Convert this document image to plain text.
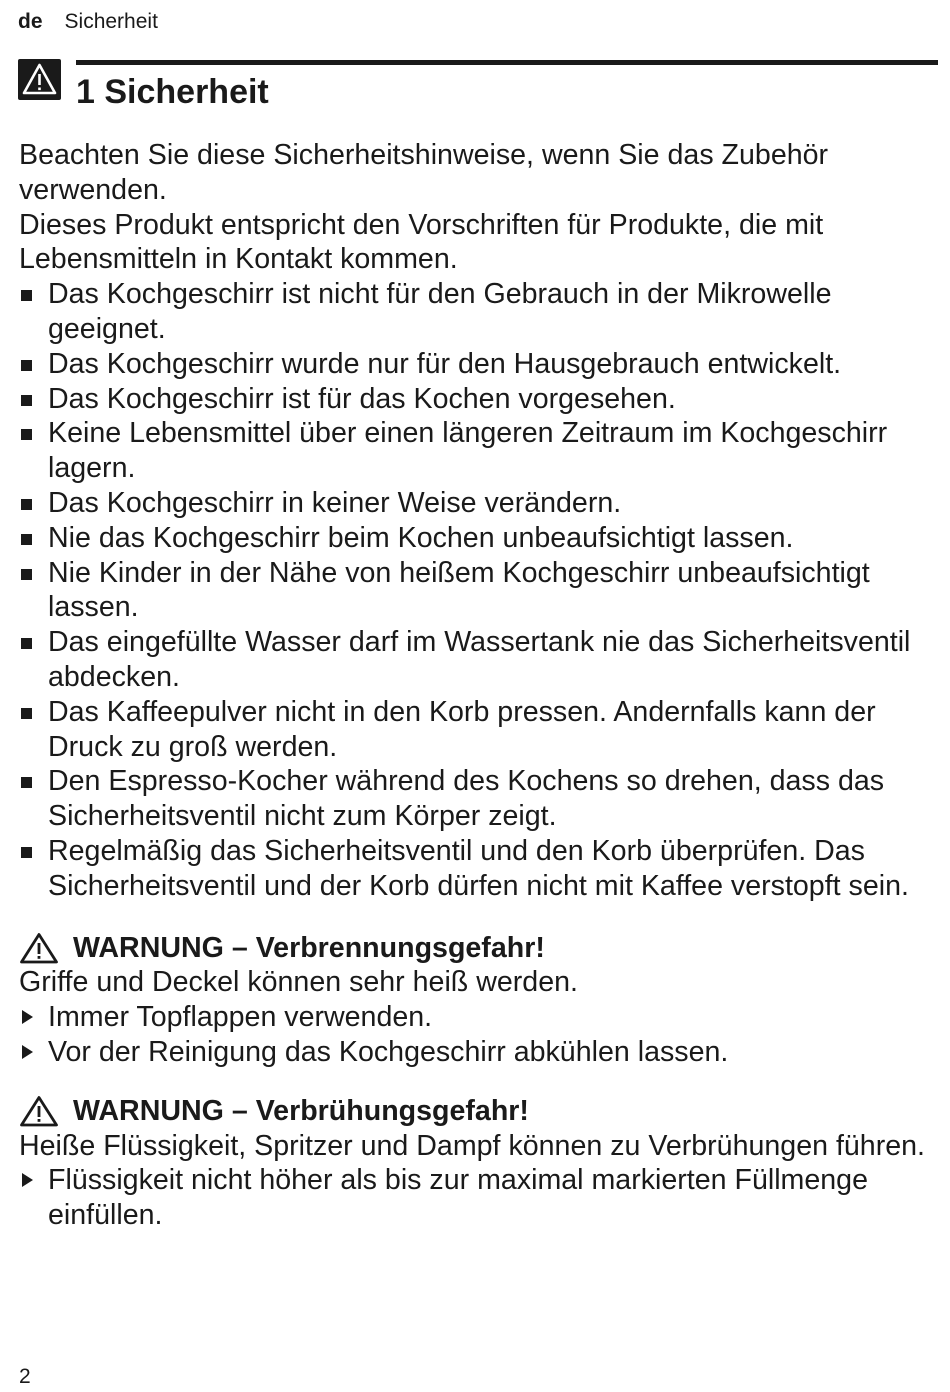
de Sicherheit
1 Sicherheit

Beachten Sie diese Sicherheitshinweise, wenn Sie das Zubehör verwenden.

Dieses Produkt entspricht den Vorschriften für Produkte, die mit Lebensmitteln in Kontakt kommen.

Das Kochgeschirr ist nicht für den Gebrauch in der Mikrowelle geeignet.
Das Kochgeschirr wurde nur für den Hausgebrauch entwickelt.
Das Kochgeschirr ist für das Kochen vorgesehen.
Keine Lebensmittel über einen längeren Zeitraum im Kochgeschirr lagern.
Das Kochgeschirr in keiner Weise verändern.
Nie das Kochgeschirr beim Kochen unbeaufsichtigt lassen.
Nie Kinder in der Nähe von heißem Kochgeschirr unbeaufsichtigt lassen.
Das eingefüllte Wasser darf im Wassertank nie das Sicherheitsventil abdecken.
Das Kaffeepulver nicht in den Korb pressen. Andernfalls kann der Druck zu groß werden.
Den Espresso-Kocher während des Kochens so drehen, dass das Sicherheitsventil nicht zum Körper zeigt.
Regelmäßig das Sicherheitsventil und den Korb überprüfen. Das Sicherheitsventil und der Korb dürfen nicht mit Kaffee verstopft sein.
WARNUNG – Verbrennungsgefahr!

Griffe und Deckel können sehr heiß werden.

Immer Topflappen verwenden.
Vor der Reinigung das Kochgeschirr abkühlen lassen.
WARNUNG – Verbrühungsgefahr!

Heiße Flüssigkeit, Spritzer und Dampf können zu Verbrühungen führen.

Flüssigkeit nicht höher als bis zur maximal markierten Füllmenge einfüllen.
2
